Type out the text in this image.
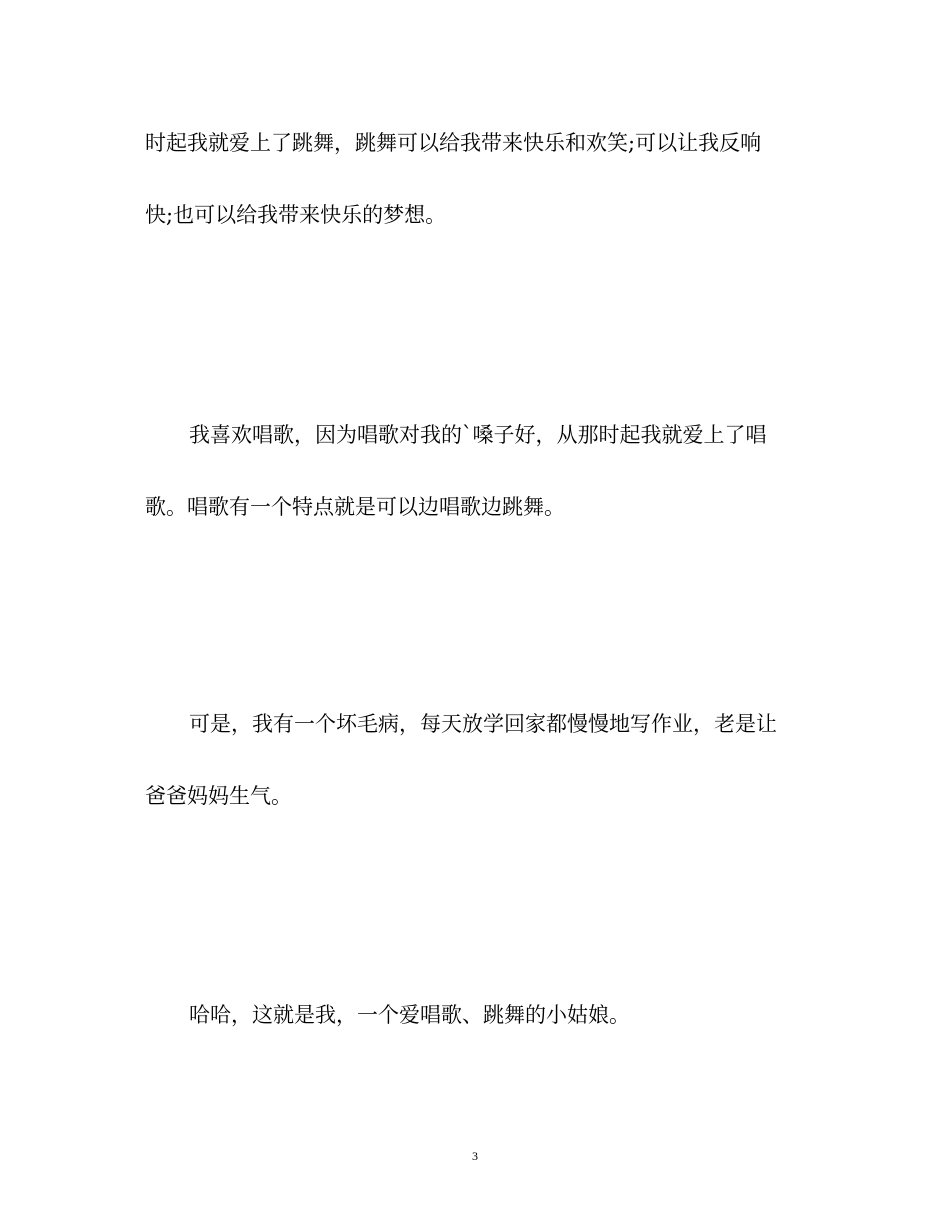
时起我就爱上了跳舞，跳舞可以给我带来快乐和欢笑;可以让我反响
快;也可以给我带来快乐的梦想。
我喜欢唱歌，因为唱歌对我的`嗓子好，从那时起我就爱上了唱
歌。唱歌有一个特点就是可以边唱歌边跳舞。
可是，我有一个坏毛病，每天放学回家都慢慢地写作业，老是让
爸爸妈妈生气。
哈哈，这就是我，一个爱唱歌、跳舞的小姑娘。
3
